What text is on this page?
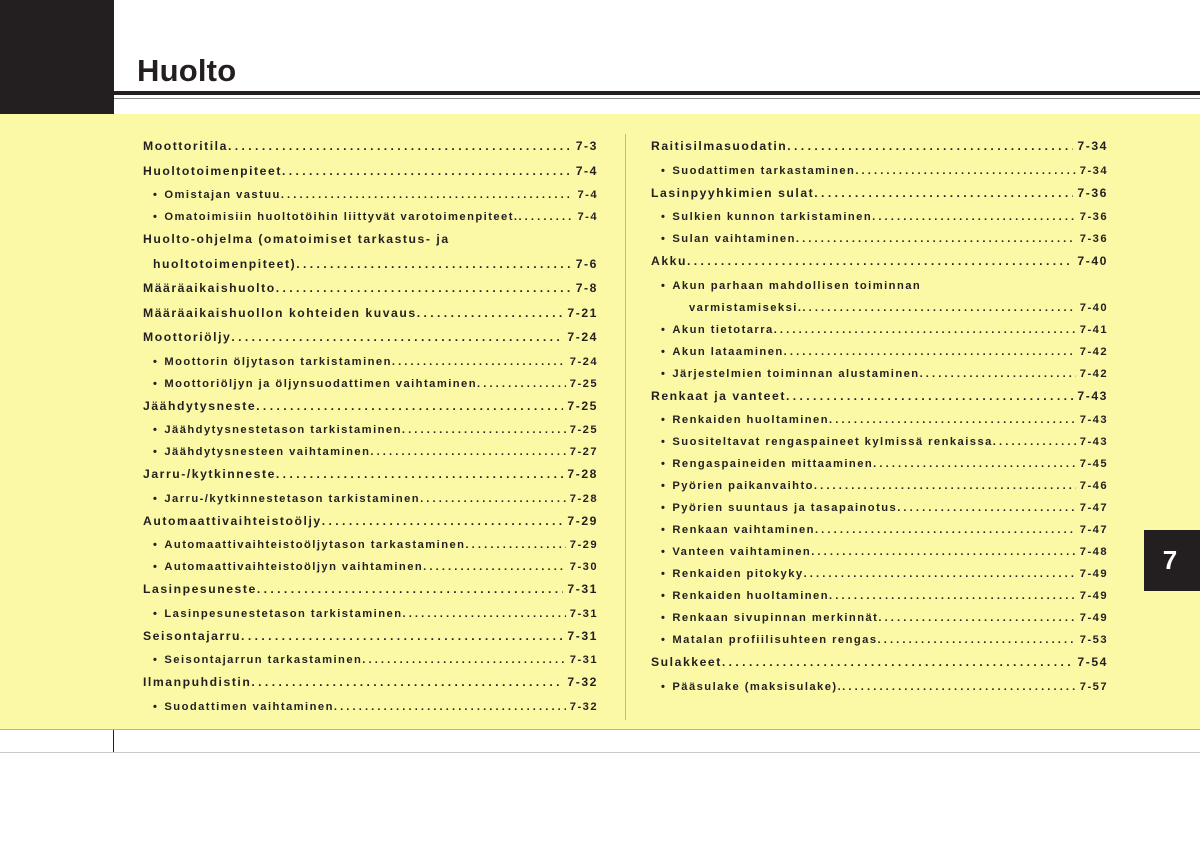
Huolto
Moottoritila . . .	7-3
Huoltotoimenpiteet . . .	7-4
• Omistajan vastuu . . .	7-4
• Omatoimisiin huoltotöihin liittyvät varotoimenpiteet. . . .	7-4
Huolto-ohjelma (omatoimiset tarkastus- ja
huoltotoimenpiteet) . . .	7-6
Määräaikaishuolto . . .	7-8
Määräaikaishuollon kohteiden kuvaus . . .	7-21
Moottoriöljy . . .	7-24
• Moottorin öljytason tarkistaminen . . .	7-24
• Moottoriöljyn ja öljynsuodattimen vaihtaminen . . .	7-25
Jäähdytysneste . . .	7-25
• Jäähdytysnestetason tarkistaminen . . .	7-25
• Jäähdytysnesteen vaihtaminen . . .	7-27
Jarru-/kytkinneste . . .	7-28
• Jarru-/kytkinnestetason tarkistaminen . . .	7-28
Automaattivaihteistoöljy . . .	7-29
• Automaattivaihteistoöljytason tarkastaminen . . .	7-29
• Automaattivaihteistoöljyn vaihtaminen . . .	7-30
Lasinpesuneste . . .	7-31
• Lasinpesunestetason tarkistaminen . . .	7-31
Seisontajarru . . .	7-31
• Seisontajarrun tarkastaminen . . .	7-31
Ilmanpuhdistin . . .	7-32
• Suodattimen vaihtaminen . . .	7-32
Raitisilmasuodatin . . .	7-34
• Suodattimen tarkastaminen . . .	7-34
Lasinpyyhkimien sulat . . .	7-36
• Sulkien kunnon tarkistaminen . . .	7-36
• Sulan vaihtaminen . . .	7-36
Akku . . .	7-40
• Akun parhaan mahdollisen toiminnan
varmistamiseksi. . . .	7-40
• Akun tietotarra . . .	7-41
• Akun lataaminen . . .	7-42
• Järjestelmien toiminnan alustaminen . . .	7-42
Renkaat ja vanteet . . .	7-43
• Renkaiden huoltaminen . . .	7-43
• Suositeltavat rengaspaineet kylmissä renkaissa . . .	7-43
• Rengaspaineiden mittaaminen . . .	7-45
• Pyörien paikanvaihto . . .	7-46
• Pyörien suuntaus ja tasapainotus . . .	7-47
• Renkaan vaihtaminen . . .	7-47
• Vanteen vaihtaminen . . .	7-48
• Renkaiden pitokyky . . .	7-49
• Renkaiden huoltaminen . . .	7-49
• Renkaan sivupinnan merkinnät . . .	7-49
• Matalan profiilisuhteen rengas . . .	7-53
Sulakkeet . . .	7-54
• Pääsulake (maksisulake). . . .	7-57
7
